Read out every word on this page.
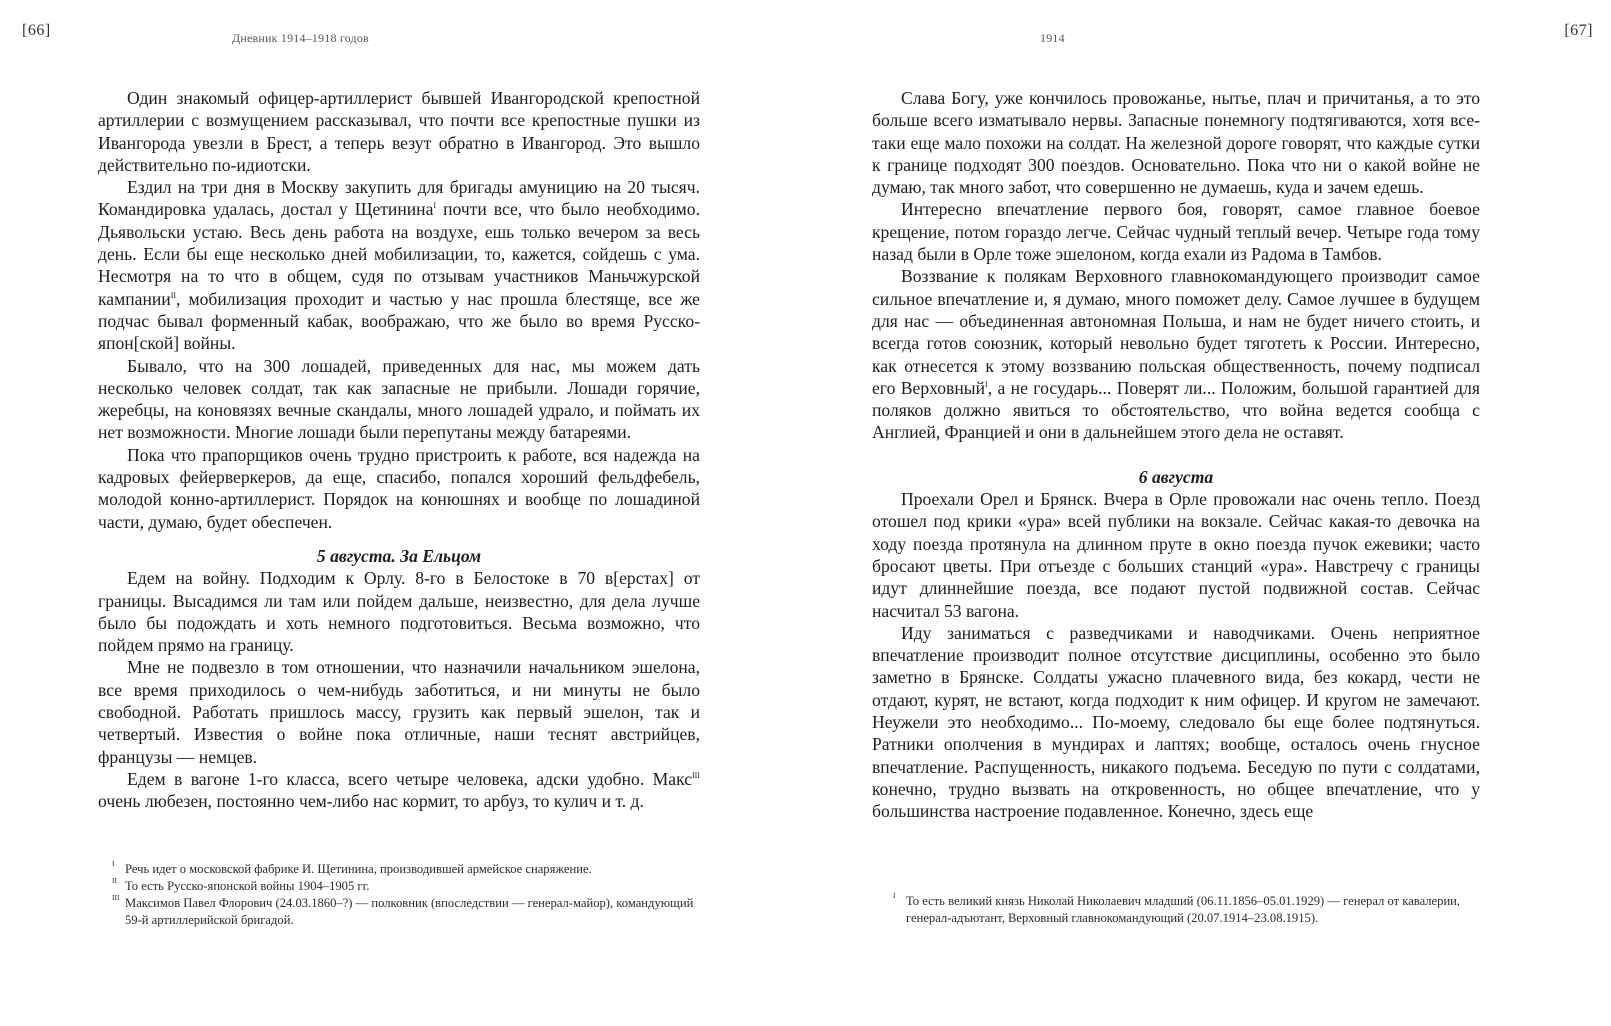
[66]	Дневник 1914–1918 годов

Один знакомый офицер-артиллерист бывшей Ивангородской крепостной артиллерии с возмущением рассказывал, что почти все крепостные пушки из Ивангорода увезли в Брест, а теперь везут обратно в Ивангород. Это вышло действительно по-идиотски.

Ездил на три дня в Москву закупить для бригады амуницию на 20 тысяч. Командировка удалась, достал у Щетинина$^I$ почти все, что было необходимо. Дьявольски устаю. Весь день работа на воздухе, ешь только вечером за весь день. Если бы еще несколько дней мобилизации, то, кажется, сойдешь с ума. Несмотря на то что в общем, судя по отзывам участников Маньчжурской кампании$^{II}$, мобилизация проходит и частью у нас прошла блестяще, все же подчас бывал форменный кабак, воображаю, что же было во время Русско-япон[ской] войны.

Бывало, что на 300 лошадей, приведенных для нас, мы можем дать несколько человек солдат, так как запасные не прибыли. Лошади горячие, жеребцы, на коновязях вечные скандалы, много лошадей удрало, и поймать их нет возможности. Многие лошади были перепутаны между батареями.

Пока что прапорщиков очень трудно пристроить к работе, вся надежда на кадровых фейерверкеров, да еще, спасибо, попался хороший фельдфебель, молодой конно-артиллерист. Порядок на конюшнях и вообще по лошадиной части, думаю, будет обеспечен.

5 августа. За Ельцом

Едем на войну. Подходим к Орлу. 8-го в Белостоке в 70 в[ерстах] от границы. Высадимся ли там или пойдем дальше, неизвестно, для дела лучше было бы подождать и хоть немного подготовиться. Весьма возможно, что пойдем прямо на границу.

Мне не подвезло в том отношении, что назначили начальником эшелона, все время приходилось о чем-нибудь заботиться, и ни минуты не было свободной. Работать пришлось массу, грузить как первый эшелон, так и четвертый. Известия о войне пока отличные, наши теснят австрийцев, французы — немцев.

Едем в вагоне 1-го класса, всего четыре человека, адски удобно. Макс$^{III}$ очень любезен, постоянно чем-либо нас кормит, то арбуз, то кулич и т. д.

I Речь идет о московской фабрике И. Щетинина, производившей армейское снаряжение.

II То есть Русско-японской войны 1904–1905 гг.

III Максимов Павел Флорович (24.03.1860–?) — полковник (впоследствии — генерал-майор), командующий 59-й артиллерийской бригадой.

1914	[67]

Слава Богу, уже кончилось провожанье, нытье, плач и причитанья, а то это больше всего изматывало нервы. Запасные понемногу подтягиваются, хотя все-таки еще мало похожи на солдат. На железной дороге говорят, что каждые сутки к границе подходят 300 поездов. Основательно. Пока что ни о какой войне не думаю, так много забот, что совершенно не думаешь, куда и зачем едешь.

Интересно впечатление первого боя, говорят, самое главное боевое крещение, потом гораздо легче. Сейчас чудный теплый вечер. Четыре года тому назад были в Орле тоже эшелоном, когда ехали из Радома в Тамбов.

Воззвание к полякам Верховного главнокомандующего производит самое сильное впечатление и, я думаю, много поможет делу. Самое лучшее в будущем для нас — объединенная автономная Польша, и нам не будет ничего стоить, и всегда готов союзник, который невольно будет тяготеть к России. Интересно, как отнесется к этому воззванию польская общественность, почему подписал его Верховный$^I$, а не государь... Поверят ли... Положим, большой гарантией для поляков должно явиться то обстоятельство, что война ведется сообща с Англией, Францией и они в дальнейшем этого дела не оставят.

6 августа

Проехали Орел и Брянск. Вчера в Орле провожали нас очень тепло. Поезд отошел под крики «ура» всей публики на вокзале. Сейчас какая-то девочка на ходу поезда протянула на длинном пруте в окно поезда пучок ежевики; часто бросают цветы. При отъезде с больших станций «ура». Навстречу с границы идут длиннейшие поезда, все подают пустой подвижной состав. Сейчас насчитал 53 вагона.

Иду заниматься с разведчиками и наводчиками. Очень неприятное впечатление производит полное отсутствие дисциплины, особенно это было заметно в Брянске. Солдаты ужасно плачевного вида, без кокард, чести не отдают, курят, не встают, когда подходит к ним офицер. И кругом не замечают. Неужели это необходимо... По-моему, следовало бы еще более подтянуться. Ратники ополчения в мундирах и лаптях; вообще, осталось очень гнусное впечатление. Распущенность, никакого подъема. Беседую по пути с солдатами, конечно, трудно вызвать на откровенность, но общее впечатление, что у большинства настроение подавленное. Конечно, здесь еще

I То есть великий князь Николай Николаевич младший (06.11.1856–05.01.1929) — генерал от кавалерии, генерал-адъютант, Верховный главнокомандующий (20.07.1914–23.08.1915).
